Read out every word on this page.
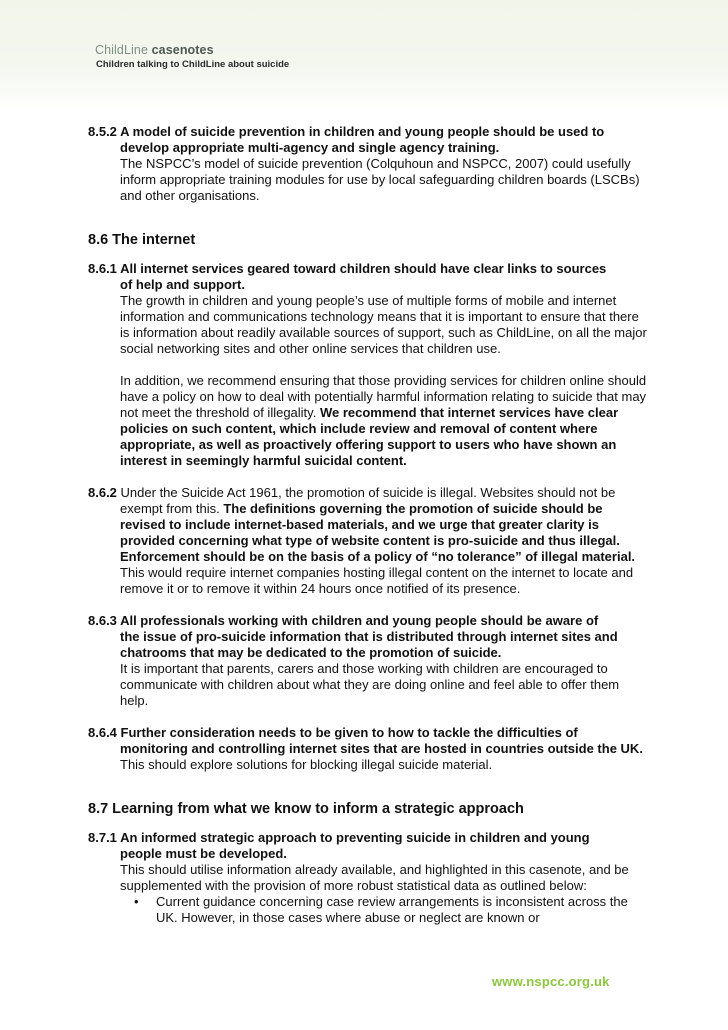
ChildLine casenotes
Children talking to ChildLine about suicide
8.5.2 A model of suicide prevention in children and young people should be used to
develop appropriate multi-agency and single agency training.
The NSPCC’s model of suicide prevention (Colquhoun and NSPCC, 2007) could usefully inform appropriate training modules for use by local safeguarding children boards (LSCBs) and other organisations.
8.6 The internet
8.6.1 All internet services geared toward children should have clear links to sources
of help and support.
The growth in children and young people’s use of multiple forms of mobile and internet information and communications technology means that it is important to ensure that there is information about readily available sources of support, such as ChildLine, on all the major social networking sites and other online services that children use.
In addition, we recommend ensuring that those providing services for children online should have a policy on how to deal with potentially harmful information relating to suicide that may not meet the threshold of illegality. We recommend that internet services have clear policies on such content, which include review and removal of content where appropriate, as well as proactively offering support to users who have shown an interest in seemingly harmful suicidal content.
8.6.2 Under the Suicide Act 1961, the promotion of suicide is illegal. Websites should not be
exempt from this. The definitions governing the promotion of suicide should be revised to include internet-based materials, and we urge that greater clarity is provided concerning what type of website content is pro-suicide and thus illegal. Enforcement should be on the basis of a policy of “no tolerance” of illegal material. This would require internet companies hosting illegal content on the internet to locate and remove it or to remove it within 24 hours once notified of its presence.
8.6.3 All professionals working with children and young people should be aware of
the issue of pro-suicide information that is distributed through internet sites and chatrooms that may be dedicated to the promotion of suicide.
It is important that parents, carers and those working with children are encouraged to communicate with children about what they are doing online and feel able to offer them help.
8.6.4 Further consideration needs to be given to how to tackle the difficulties of
monitoring and controlling internet sites that are hosted in countries outside the UK.
This should explore solutions for blocking illegal suicide material.
8.7 Learning from what we know to inform a strategic approach
8.7.1 An informed strategic approach to preventing suicide in children and young
people must be developed.
This should utilise information already available, and highlighted in this casenote, and be supplemented with the provision of more robust statistical data as outlined below:
• Current guidance concerning case review arrangements is inconsistent across the UK. However, in those cases where abuse or neglect are known or
www.nspcc.org.uk
